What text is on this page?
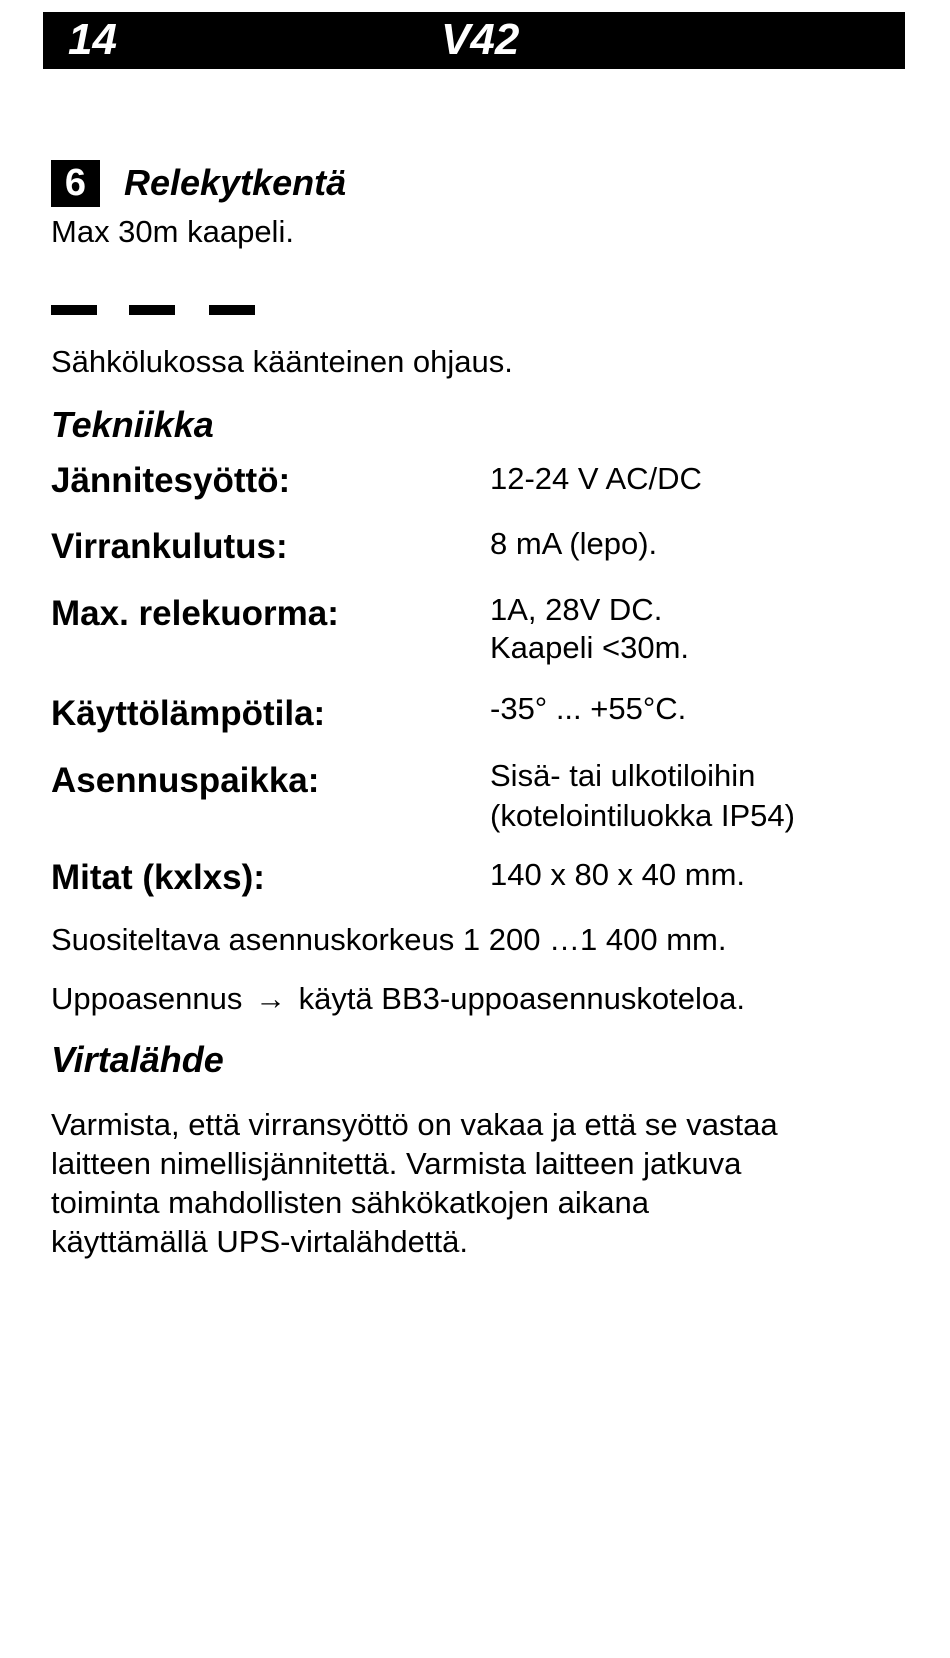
14	V42
6	Relekytkentä
Max 30m kaapeli.
Sähkölukossa käänteinen ohjaus.
Tekniikka
Jännitesyöttö:	12-24 V AC/DC
Virrankulutus:	8 mA (lepo).
Max. relekuorma:	1A, 28V DC.
Kaapeli <30m.
Käyttölämpötila:	-35° ... +55°C.
Asennuspaikka:	Sisä- tai ulkotiloihin
(kotelointiluokka IP54)
Mitat (kxlxs):	140 x 80 x 40 mm.
Suositeltava asennuskorkeus 1 200 …1 400 mm.
Uppoasennus → käytä BB3-uppoasennuskoteloa.
Virtalähde
Varmista, että virransyöttö on vakaa ja että se vastaa
laitteen nimellisjännitettä. Varmista laitteen jatkuva
toiminta mahdollisten sähkökatkojen aikana
käyttämällä UPS-virtalähdettä.
